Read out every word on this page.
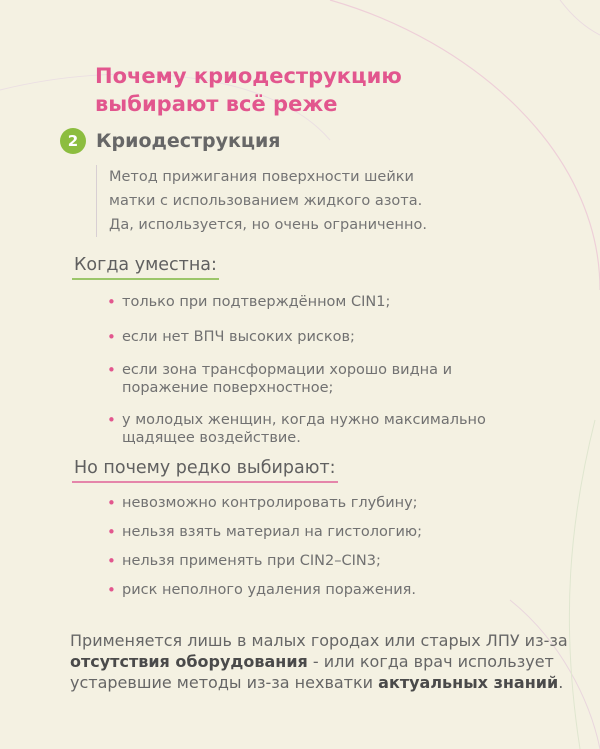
Почему криодеструкцию
выбирают всё реже
2 Криодеструкция
Метод прижигания поверхности шейки
матки с использованием жидкого азота.
Да, используется, но очень ограниченно.
Когда уместна:
• только при подтверждённом CIN1;
• если нет ВПЧ высоких рисков;
• если зона трансформации хорошо видна и
поражение поверхностное;
• у молодых женщин, когда нужно максимально
щадящее воздействие.
Но почему редко выбирают:
• невозможно контролировать глубину;
• нельзя взять материал на гистологию;
• нельзя применять при CIN2–CIN3;
• риск неполного удаления поражения.
Применяется лишь в малых городах или старых ЛПУ из-за
отсутствия оборудования - или когда врач использует
устаревшие методы из-за нехватки актуальных знаний.
